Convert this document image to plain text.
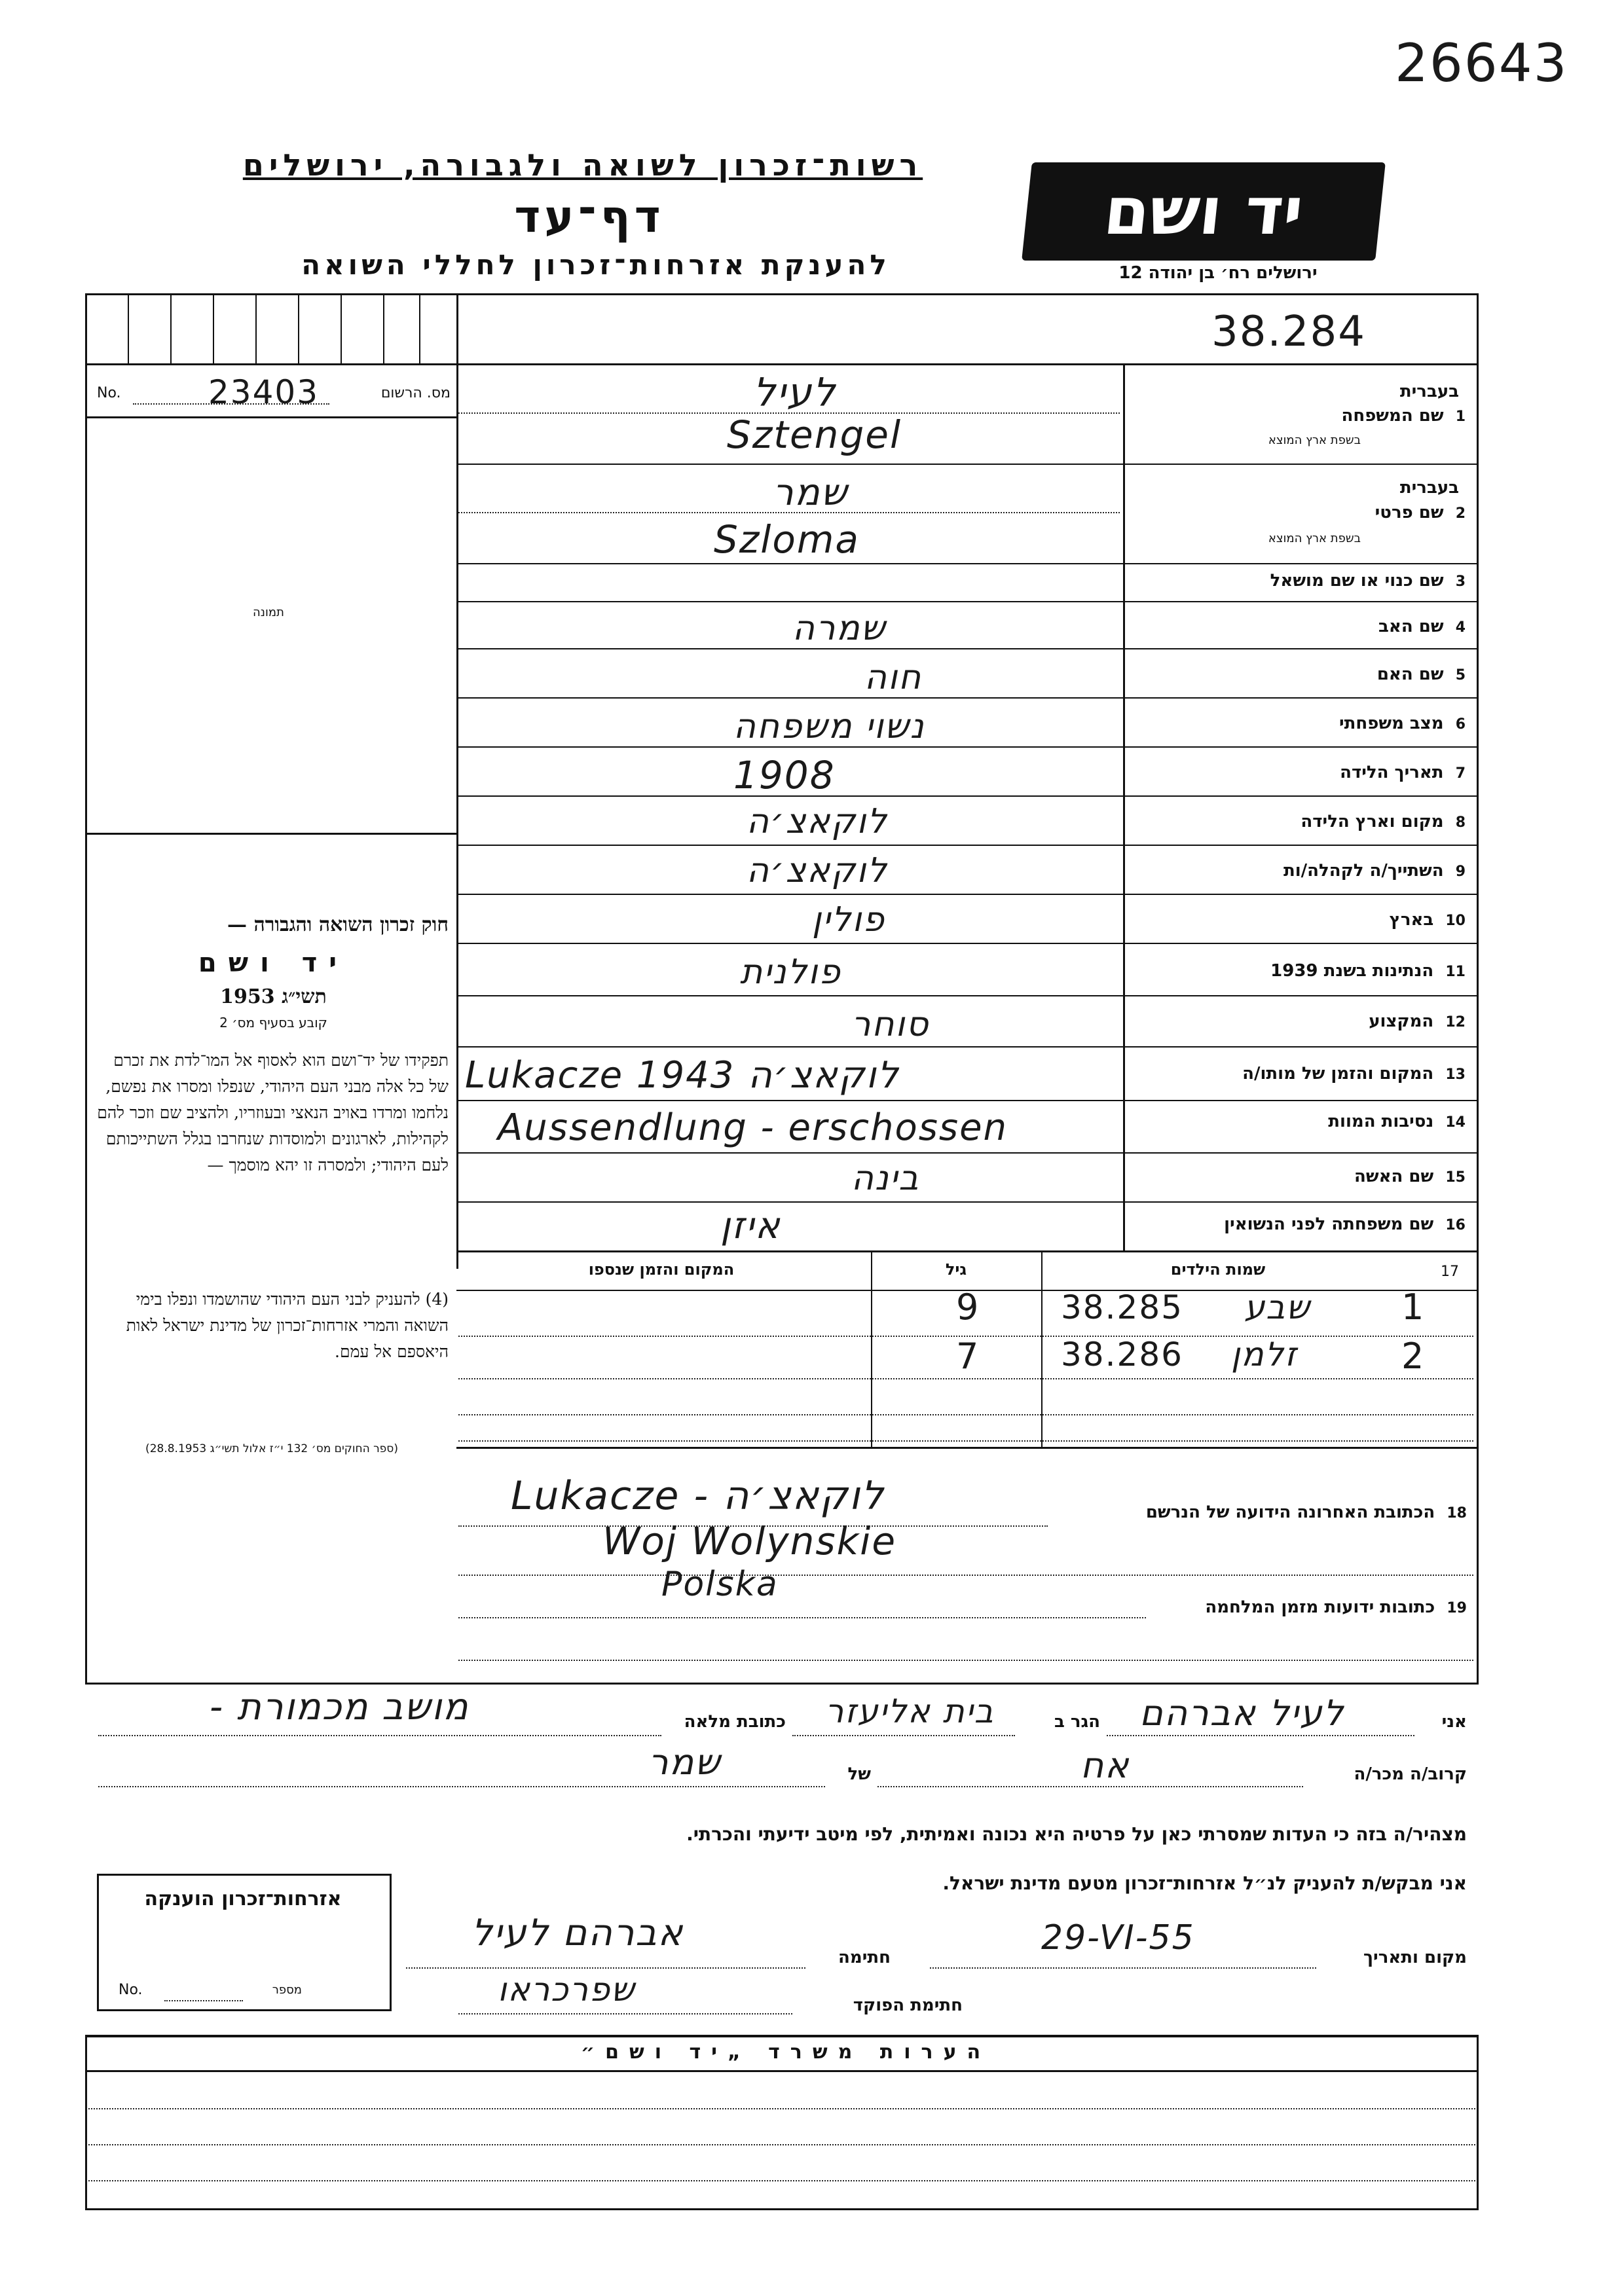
26643
רשות־זכרון לשואה ולגבורה, ירושלים
דף־עד
להענקת אזרחות־זכרון לחללי השואה
יד ושם
ירושלים רח׳ בן יהודה 12
38.284
No.	23403	מס. הרשום
תמונה
חוק זכרון השואה והגבורה —
יד ושם
תשי״ג 1953
קובע בסעיף מס׳ 2
תפקידו של יד־ושם הוא לאסוף אל המו־לדת את זכרם של כל אלה מבני העם היהודי, שנפלו ומסרו את נפשם, נלחמו ומרדו באויב הנאצי ובעוזריו, ולהציב שם וזכר להם לקהילות, לארגונים ולמוסדות שנחרבו בגלל השתייכותם לעם היהודי; ולמסרה זו יהא מוסמך —
(4) להעניק לבני העם היהודי שהושמדו ונפלו בימי השואה והמרי אזרחות־זכרון של מדינת ישראל לאות היאספם אל עמם.
(ספר החוקים מס׳ 132 י״ז אלול תשי״ג 28.8.1953)
בעברית
1  שם המשפחה
בשפת ארץ המוצא
לעיל
Sztengel
בעברית
2  שם פרטי
בשפת ארץ המוצא
שמר
Szloma
3  שם כנוי או שם מושאל
4  שם האב
שמרה
5  שם האם
חוה
6  מצב משפחתי
נשוי משפחה
7  תאריך הלידה
1908
8  מקום וארץ הלידה
לוקאצ׳ה
9  השתייך/ה לקהלה/ות
לוקאצ׳ה
10  בארץ
פולין
11  הנתינות בשנת 1939
פולנית
12  המקצוע
סוחר
13  המקום והזמן של מותו/ה
Lukacze 1943 לוקאצ׳ה
14  נסיבות המוות
Aussendlung - erschossen
15  שם האשה
בינה
16  שם משפחתה לפני הנשואין
איזן
המקום והזמן שנספו	גיל	שמות הילדים	17
9 38.285 שבע	1
7 38.286 זלמן	2
Lukacze - לוקאצ׳ה
Woj Wolynskie
Polska
18  הכתובת האחרונה הידועה של הנרשם
19  כתובות ידועות מזמן המלחמה
אני
לעיל אברהם
הגר ב
בית אליעזר
כתובת מלאה
מושב מכמורת -
קרוב/ה מכר/ה
אח
של
שמר
מצהיר/ה בזה כי העדות שמסרתי כאן על פרטיה היא נכונה ואמיתית, לפי מיטב ידיעתי והכרתי.
אני מבקש/ת להעניק לנ״ל אזרחות־זכרון מטעם מדינת ישראל.
אזרחות־זכרון הוענקה
No.	מספר
מקום ותאריך
29-VI-55
חתימה
אברהם לעיל
חתימת הפוקד
שפרכראו
הערות משרד „יד ושם״
